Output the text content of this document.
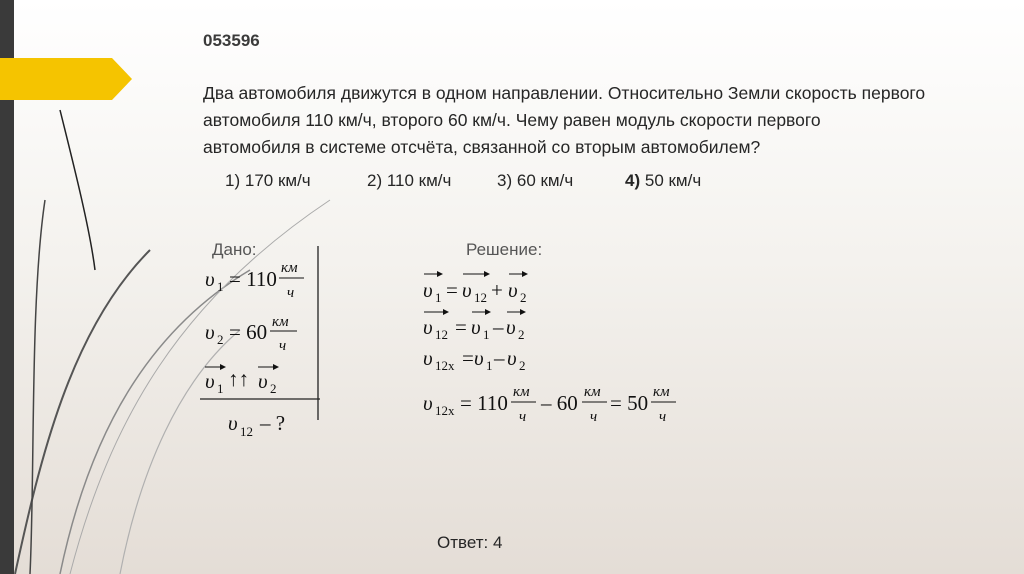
053596
Два автомобиля движутся в одном направлении. Относительно Земли скорость первого
автомобиля 110 км/ч, второго 60 км/ч. Чему равен модуль скорости первого
автомобиля в системе отсчёта, связанной со вторым автомобилем?
1) 170 км/ч	2) 110 км/ч	3) 60 км/ч	4) 50 км/ч
Дано:	Решение:
υ 1 = 110 км
ч
υ 2 = 60 км
ч
υ 1 ↑↑ υ 2
υ 12 – ?
υ 1 = υ 12 + υ 2
υ 12 = υ 1 – υ 2
υ 12x = υ 1 – υ 2
υ 12x = 110 км
ч
– 60 км
ч
= 50 км
ч
Ответ: 4
